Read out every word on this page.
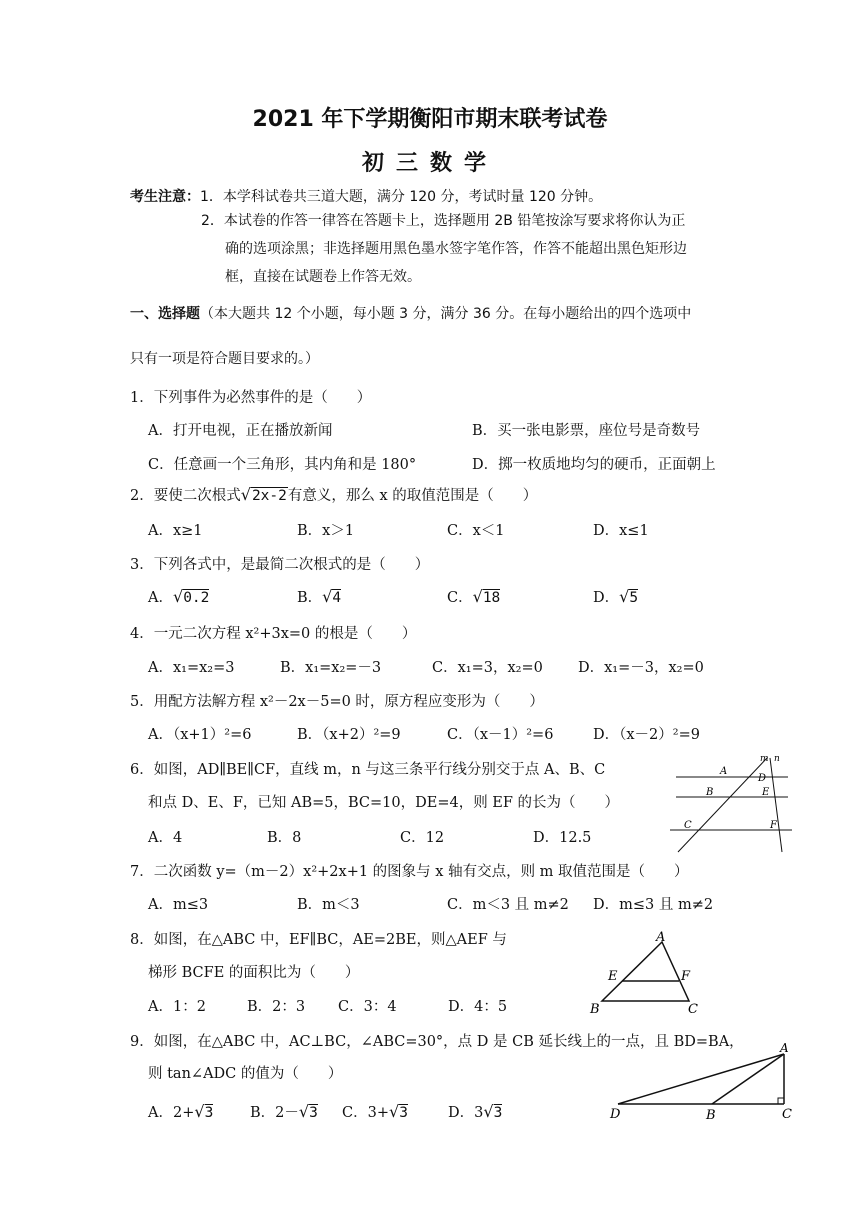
2021 年下学期衡阳市期末联考试卷
初三数学
考生注意：1．本学科试卷共三道大题，满分 120 分，考试时量 120 分钟。
2．本试卷的作答一律答在答题卡上，选择题用 2B 铅笔按涂写要求将你认为正
确的选项涂黑；非选择题用黑色墨水签字笔作答，作答不能超出黑色矩形边
框，直接在试题卷上作答无效。
一、选择题（本大题共 12 个小题，每小题 3 分，满分 36 分。在每小题给出的四个选项中
只有一项是符合题目要求的。）
1．下列事件为必然事件的是（　　）
A．打开电视，正在播放新闻	B．买一张电影票，座位号是奇数号
C．任意画一个三角形，其内角和是 180°	D．掷一枚质地均匀的硬币，正面朝上
2．要使二次根式√2x-2有意义，那么 x 的取值范围是（　　）
A．x≥1	B．x＞1	C．x＜1	D．x≤1
3．下列各式中，是最简二次根式的是（　　）
A．√0.2	B．√4	C．√18	D．√5
4．一元二次方程 x²+3x=0 的根是（　　）
A．x₁=x₂=3	B．x₁=x₂=－3	C．x₁=3，x₂=0 D．x₁=－3，x₂=0
5．用配方法解方程 x²－2x－5=0 时，原方程应变形为（　　）
A．（x+1）²=6	B．（x+2）²=9	C．（x－1）²=6	D．（x－2）²=9
6．如图，AD∥BE∥CF，直线 m，n 与这三条平行线分别交于点 A、B、C
和点 D、E、F，已知 AB=5，BC=10，DE=4，则 EF 的长为（　　）
A．4	B．8	C．12	D．12.5
m n
A
D
B	E
C	F
7．二次函数 y=（m－2）x²+2x+1 的图象与 x 轴有交点，则 m 取值范围是（　　）
A．m≤3	B．m＜3	C．m＜3 且 m≠2 D．m≤3 且 m≠2
8．如图，在△ABC 中，EF∥BC，AE=2BE，则△AEF 与
梯形 BCFE 的面积比为（　　）
A．1：2	B．2：3 C．3：4	D．4：5
A
E	F
B	C
9．如图，在△ABC 中，AC⊥BC，∠ABC=30°，点 D 是 CB 延长线上的一点，且 BD=BA，
则 tan∠ADC 的值为（　　）
A．2+√3	B．2－√3 C．3+√3	D．3√3
A
D	B	C
